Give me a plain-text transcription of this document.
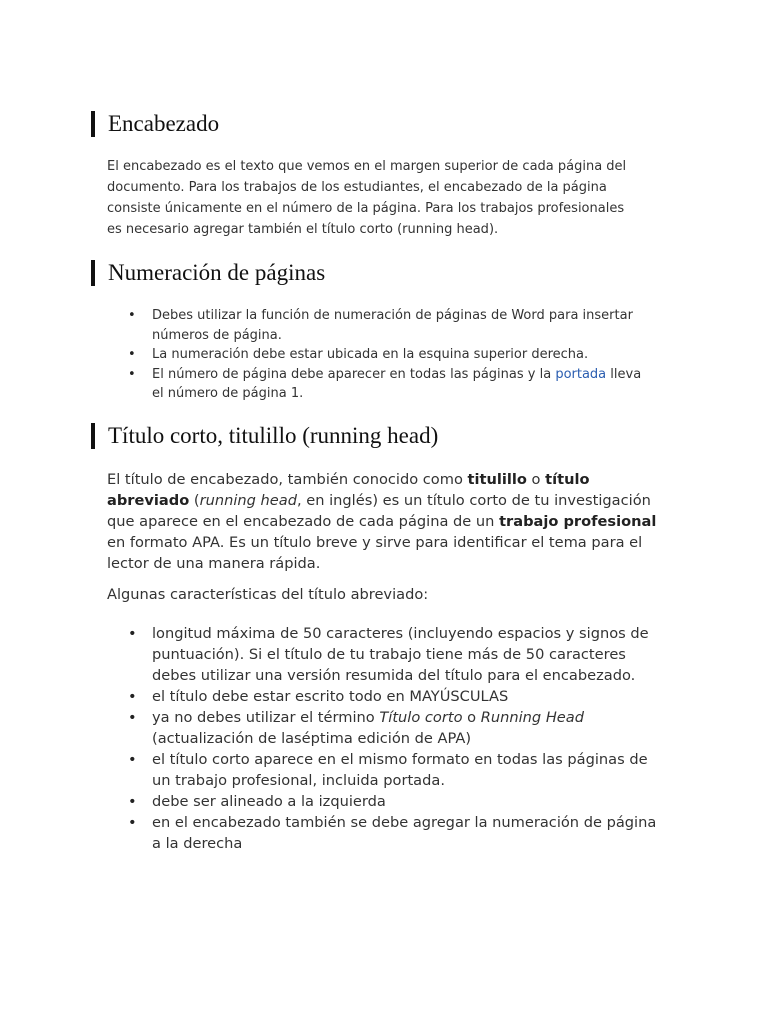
Encabezado

El encabezado es el texto que vemos en el margen superior de cada página del documento. Para los trabajos de los estudiantes, el encabezado de la página consiste únicamente en el número de la página. Para los trabajos profesionales es necesario agregar también el título corto (running head).

Numeración de páginas
• Debes utilizar la función de numeración de páginas de Word para insertar números de página.
• La numeración debe estar ubicada en la esquina superior derecha.
• El número de página debe aparecer en todas las páginas y la portada lleva el número de página 1.
Título corto, titulillo (running head)

El título de encabezado, también conocido como titulillo o título abreviado (running head, en inglés) es un título corto de tu investigación que aparece en el encabezado de cada página de un trabajo profesional en formato APA. Es un título breve y sirve para identificar el tema para el lector de una manera rápida.

Algunas características del título abreviado:

• longitud máxima de 50 caracteres (incluyendo espacios y signos de puntuación). Si el título de tu trabajo tiene más de 50 caracteres debes utilizar una versión resumida del título para el encabezado.
• el título debe estar escrito todo en MAYÚSCULAS
• ya no debes utilizar el término Título corto o Running Head (actualización de laséptima edición de APA)
• el título corto aparece en el mismo formato en todas las páginas de un trabajo profesional, incluida portada.
• debe ser alineado a la izquierda
• en el encabezado también se debe agregar la numeración de página a la derecha
